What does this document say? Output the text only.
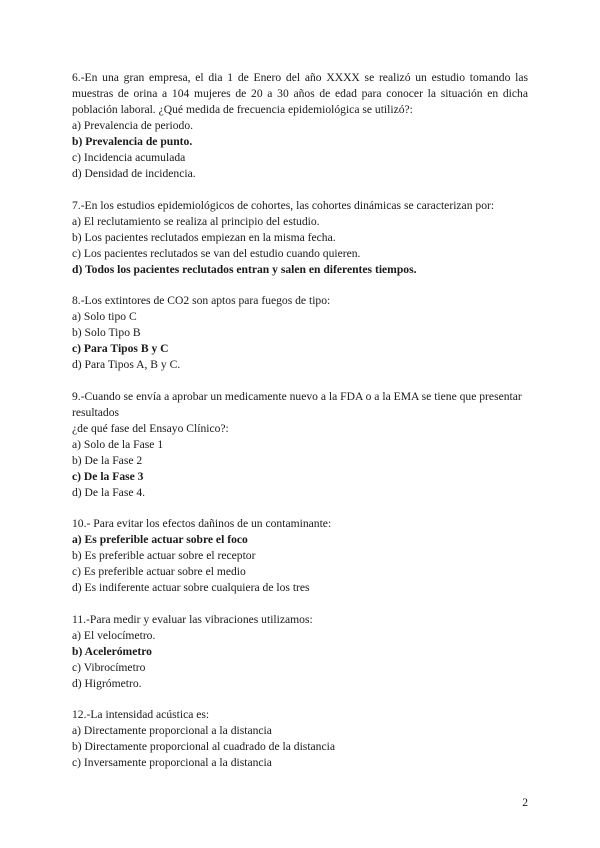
6.-En una gran empresa, el dia 1 de Enero del año XXXX se realizó un estudio tomando las muestras de orina a 104 mujeres de 20 a 30 años de edad para conocer la situación en dicha población laboral. ¿Qué medida de frecuencia epidemiológica se utilizó?:
a) Prevalencia de periodo.
b) Prevalencia de punto.
c) Incidencia acumulada
d) Densidad de incidencia.
7.-En los estudios epidemiológicos de cohortes, las cohortes dinámicas se caracterizan por:
a) El reclutamiento se realiza al principio del estudio.
b) Los pacientes reclutados empiezan en la misma fecha.
c) Los pacientes reclutados se van del estudio cuando quieren.
d) Todos los pacientes reclutados entran y salen en diferentes tiempos.
8.-Los extintores de CO2 son aptos para fuegos de tipo:
a) Solo tipo C
b) Solo Tipo B
c) Para Tipos B y C
d) Para Tipos A, B y C.
9.-Cuando se envía a aprobar un medicamente nuevo a la FDA o a la EMA se tiene que presentar resultados
¿de qué fase del Ensayo Clínico?:
a) Solo de la Fase 1
b) De la Fase 2
c) De la Fase 3
d) De la Fase 4.
10.- Para evitar los efectos dañinos de un contaminante:
a) Es preferible actuar sobre el foco
b) Es preferible actuar sobre el receptor
c) Es preferible actuar sobre el medio
d) Es indiferente actuar sobre cualquiera de los tres
11.-Para medir y evaluar las vibraciones utilizamos:
a) El velocímetro.
b) Acelerómetro
c) Vibrocímetro
d) Higrómetro.
12.-La intensidad acústica es:
a) Directamente proporcional a la distancia
b) Directamente proporcional al cuadrado de la distancia
c) Inversamente proporcional a la distancia
2
